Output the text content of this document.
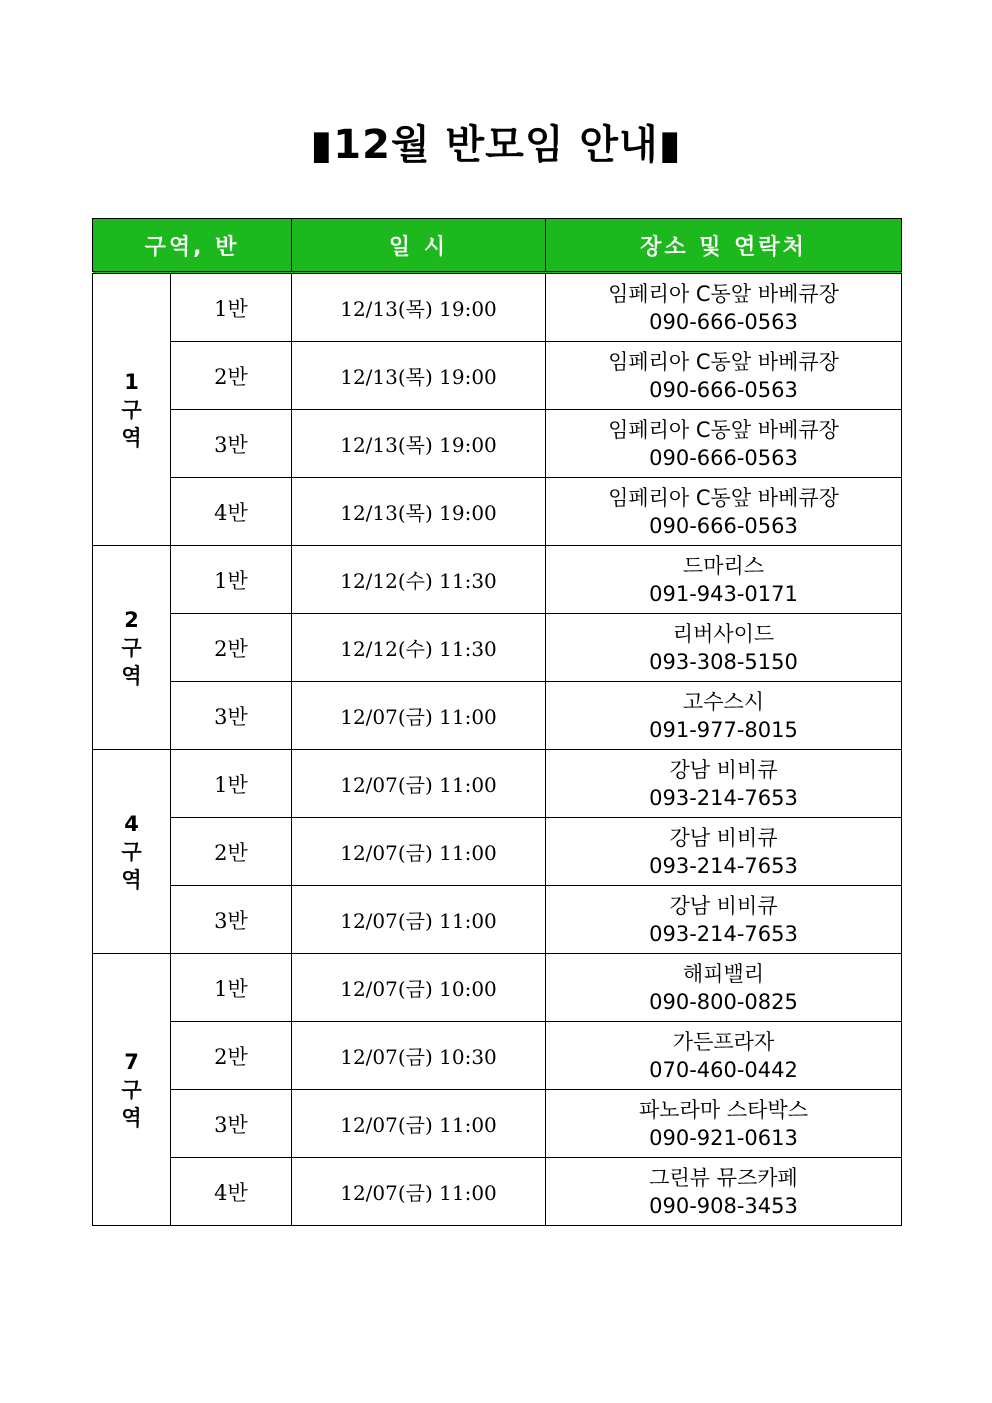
▮12월 반모임 안내▮
구역, 반		일 시	장소 및 연락처

1
구
역	1반	12/13(목) 19:00	임페리아 C동앞 바베큐장
090-666-0563

	2반	12/13(목) 19:00	임페리아 C동앞 바베큐장
090-666-0563

	3반	12/13(목) 19:00	임페리아 C동앞 바베큐장
090-666-0563

	4반	12/13(목) 19:00	임페리아 C동앞 바베큐장
090-666-0563

2
구
역	1반	12/12(수) 11:30	드마리스
091-943-0171

	2반	12/12(수) 11:30	리버사이드
093-308-5150

	3반	12/07(금) 11:00	고수스시
091-977-8015

4
구
역	1반	12/07(금) 11:00	강남 비비큐
093-214-7653

	2반	12/07(금) 11:00	강남 비비큐
093-214-7653

	3반	12/07(금) 11:00	강남 비비큐
093-214-7653

7
구
역	1반	12/07(금) 10:00	해피밸리
090-800-0825

	2반	12/07(금) 10:30	가든프라자
070-460-0442

	3반	12/07(금) 11:00	파노라마 스타박스
090-921-0613

	4반	12/07(금) 11:00	그린뷰 뮤즈카페
090-908-3453
